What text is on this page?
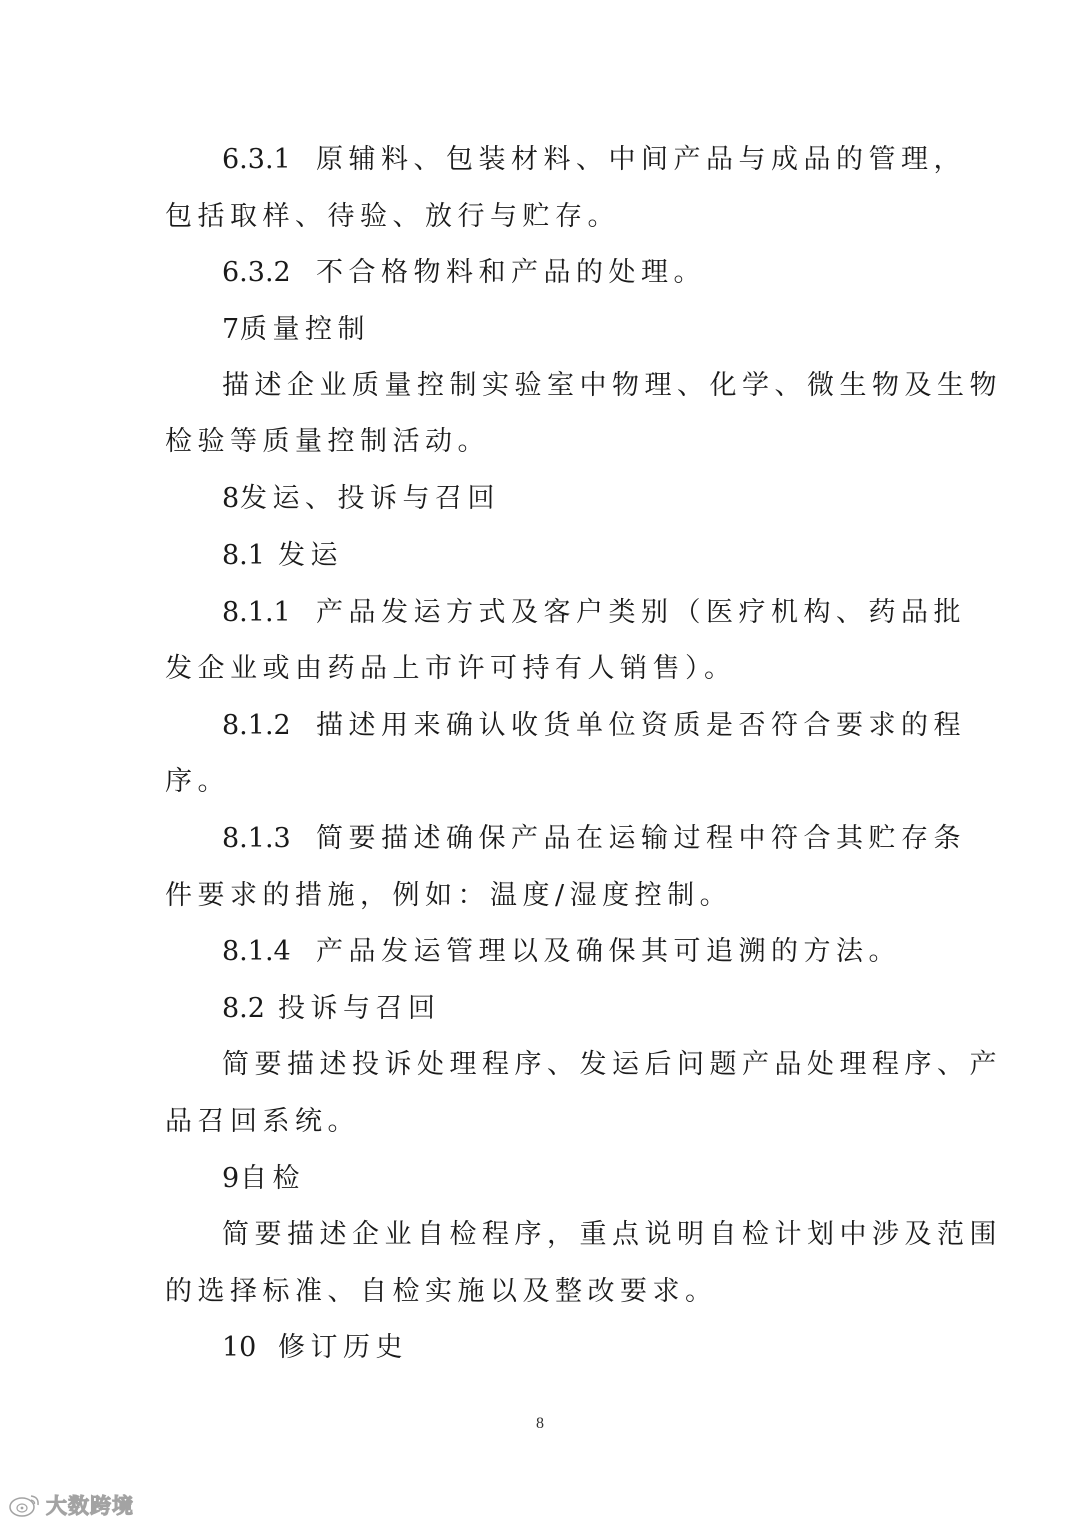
6.3.1 原辅料、包装材料、中间产品与成品的管理，
包括取样、待验、放行与贮存。
6.3.2 不合格物料和产品的处理。
7质量控制
描述企业质量控制实验室中物理、化学、微生物及生物
检验等质量控制活动。
8发运、投诉与召回
8.1 发运
8.1.1 产品发运方式及客户类别（医疗机构、药品批
发企业或由药品上市许可持有人销售）。
8.1.2 描述用来确认收货单位资质是否符合要求的程
序。
8.1.3 简要描述确保产品在运输过程中符合其贮存条
件要求的措施，例如：温度/湿度控制。
8.1.4 产品发运管理以及确保其可追溯的方法。
8.2 投诉与召回
简要描述投诉处理程序、发运后问题产品处理程序、产
品召回系统。
9自检
简要描述企业自检程序，重点说明自检计划中涉及范围
的选择标准、自检实施以及整改要求。
10 修订历史
8
大数跨境
